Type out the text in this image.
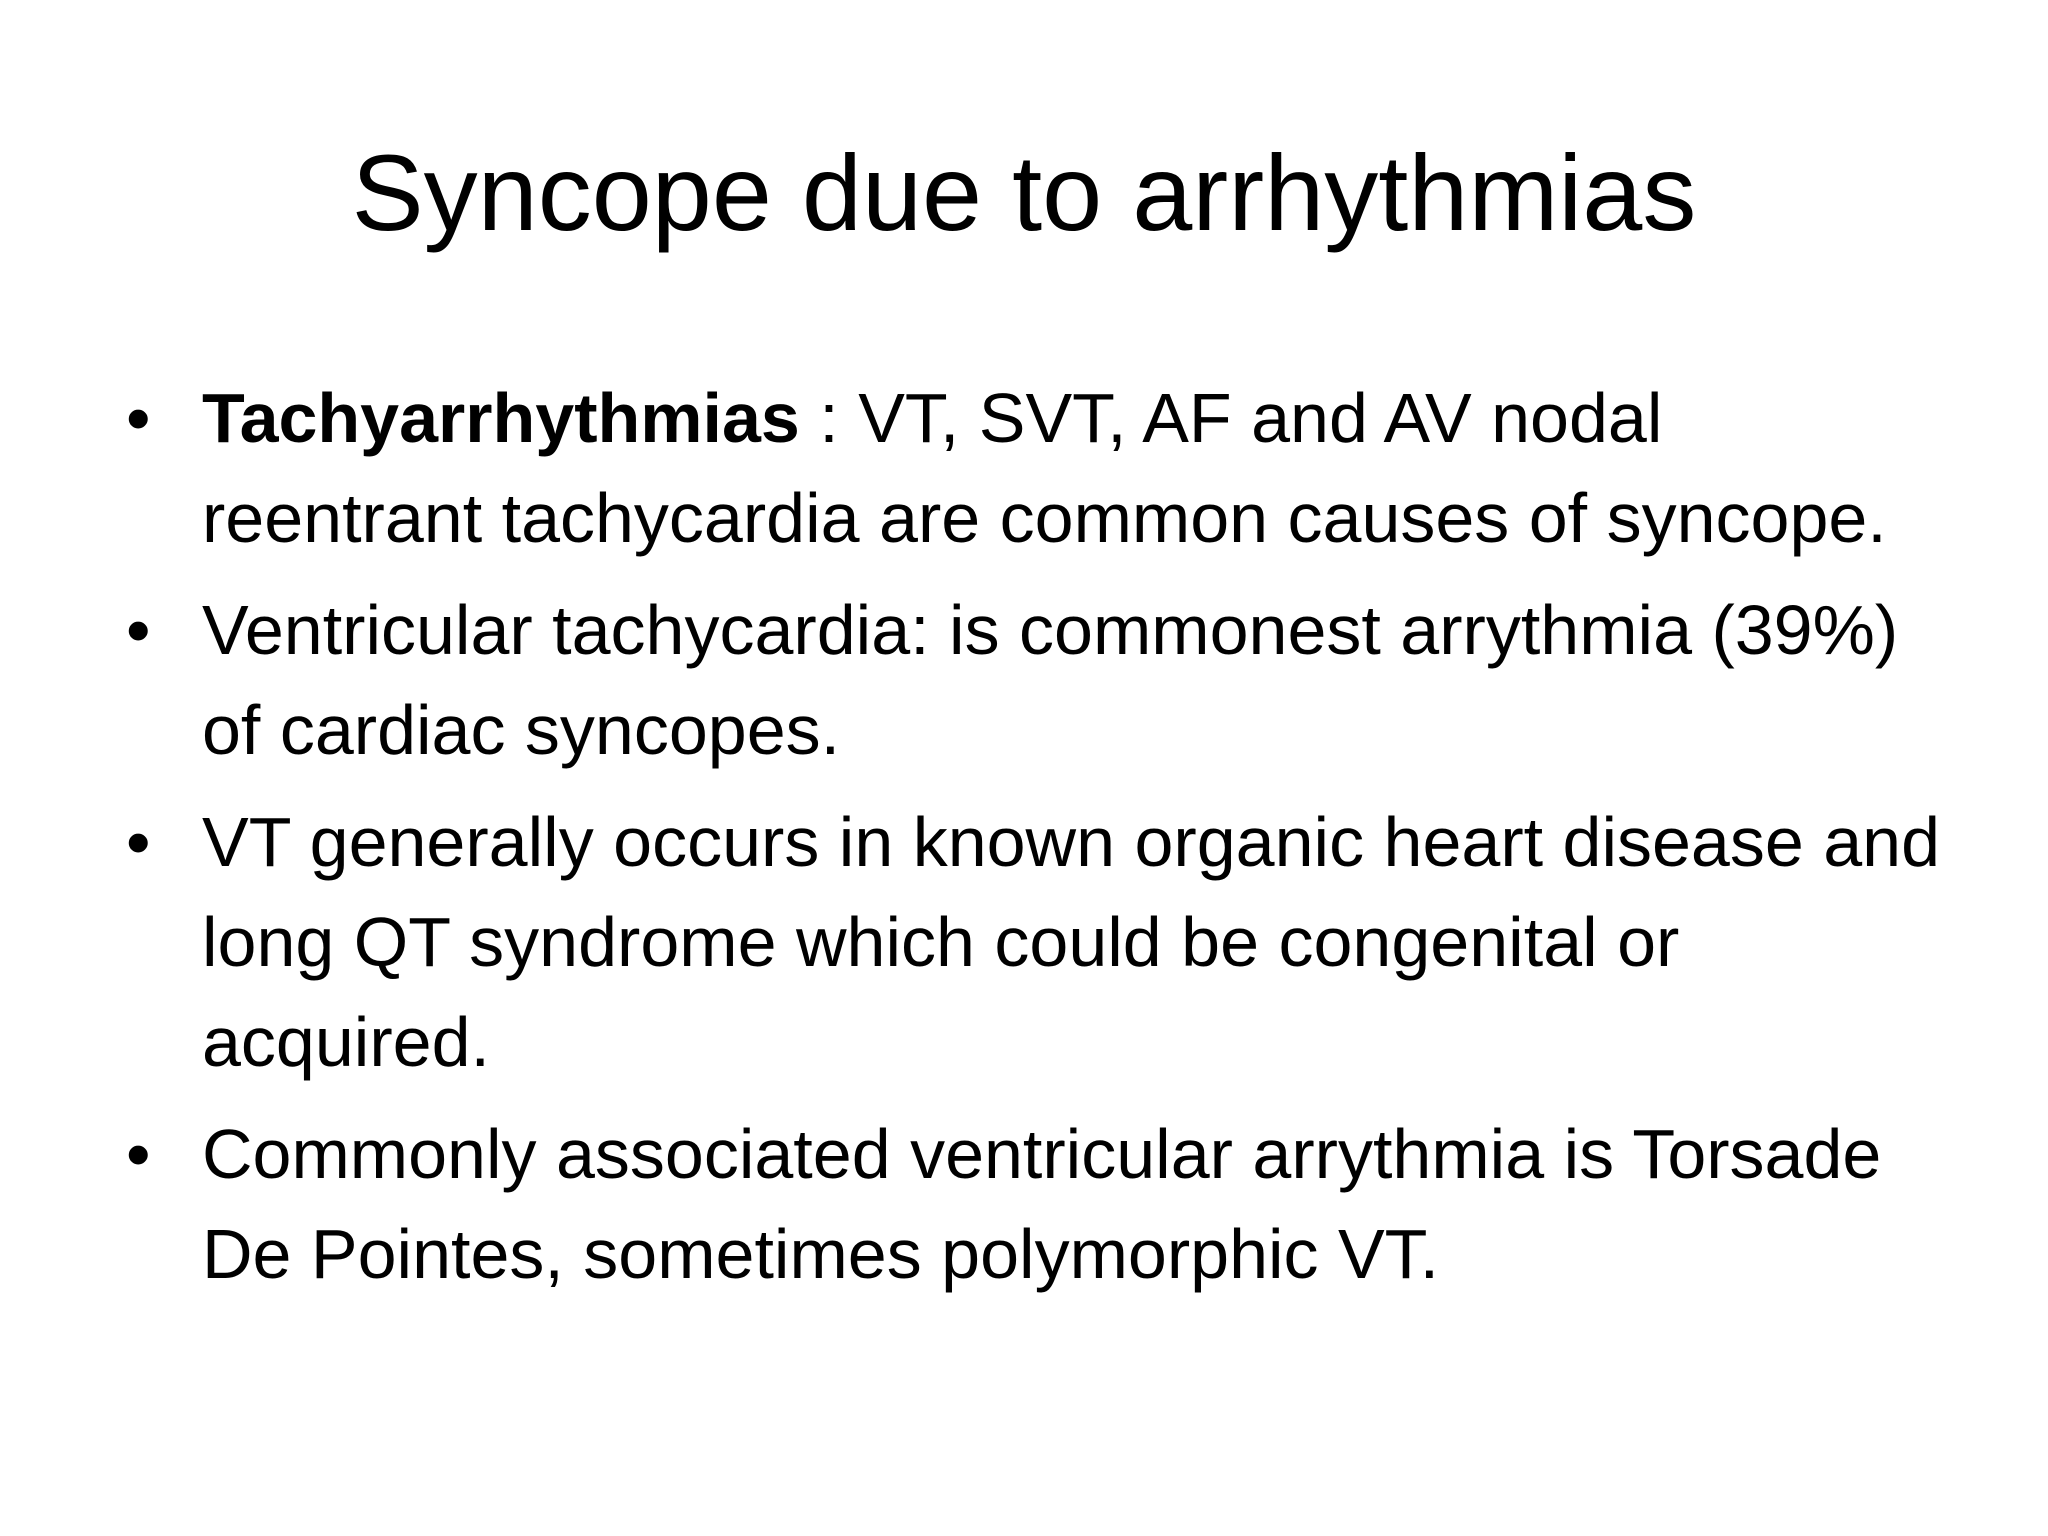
Syncope due to arrhythmias
• Tachyarrhythmias : VT, SVT, AF and AV nodal reentrant tachycardia are common causes of syncope.
• Ventricular tachycardia: is commonest arrythmia (39%) of cardiac syncopes.
• VT generally occurs in known organic heart disease and long QT syndrome which could be congenital or acquired.
• Commonly associated ventricular arrythmia is Torsade De Pointes, sometimes polymorphic VT.
